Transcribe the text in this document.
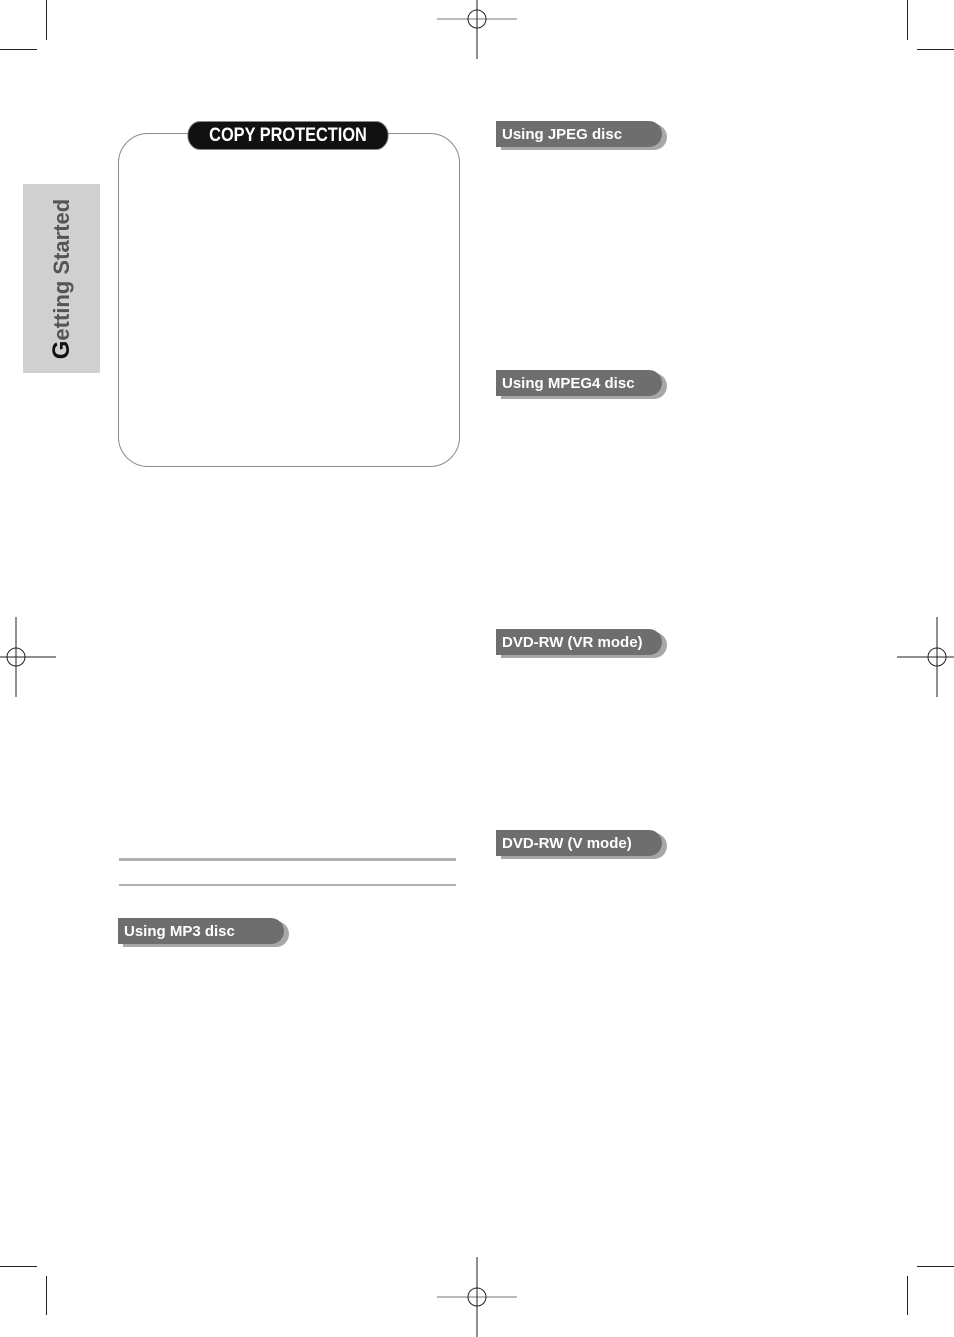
Getting Started
COPY PROTECTION	Using JPEG disc
Using MPEG4 disc
DVD-RW (VR mode)
DVD-RW (V mode)
Using MP3 disc
